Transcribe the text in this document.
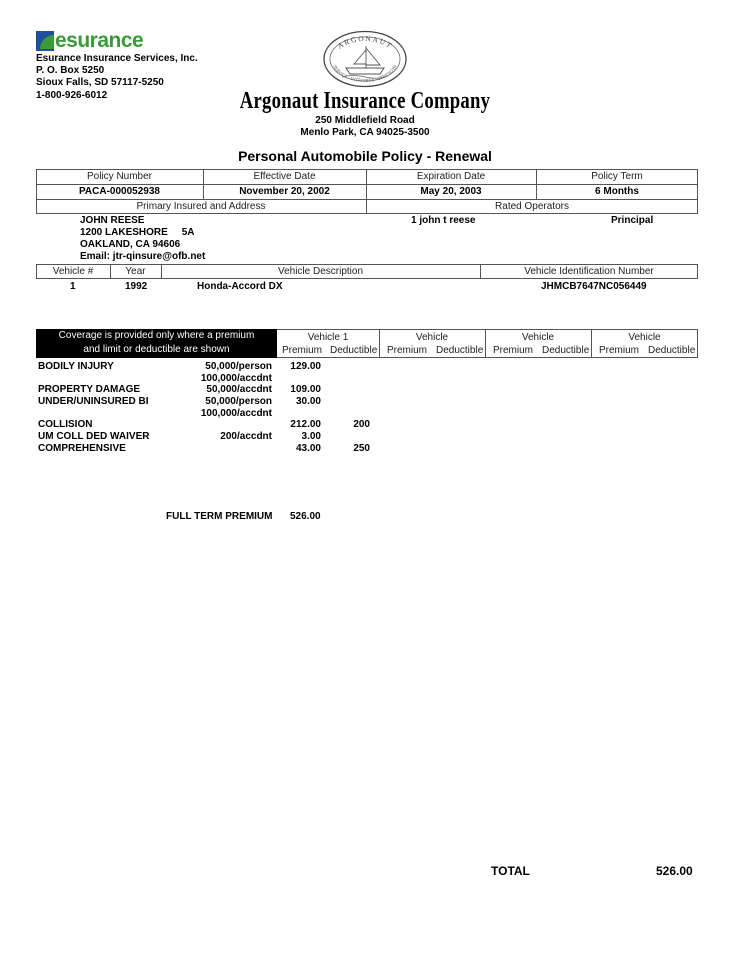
esurance
Esurance Insurance Services, Inc.
P. O. Box 5250
Sioux Falls, SD 57117-5250
1-800-926-6012
ARGONAUT
SERVICE · INTEGRITY · STRENGTH
Argonaut Insurance Company
250 Middlefield Road
Menlo Park, CA 94025-3500
Personal Automobile Policy - Renewal
Policy Number	Effective Date	Expiration Date	Policy Term
PACA-000052938	November 20, 2002	May 20, 2003	6 Months
Primary Insured and Address	Rated Operators
JOHN REESE
1200 LAKESHORE     5A
OAKLAND, CA 94606
Email: jtr-qinsure@ofb.net
1 john t reese	Principal
Vehicle #	Year	Vehicle Description	Vehicle Identification Number
1	1992	Honda-Accord DX	JHMCB7647NC056449
Coverage is provided only where a premium
and limit or deductible are shown
Vehicle 1	Vehicle	Vehicle	Vehicle
Premium Deductible Premium Deductible Premium Deductible Premium Deductible
BODILY INJURY	50,000/person 129.00
100,000/accdnt
PROPERTY DAMAGE	50,000/accdnt 109.00
UNDER/UNINSURED BI	50,000/person 30.00
100,000/accdnt
COLLISION	212.00	200
UM COLL DED WAIVER	200/accdnt	3.00
COMPREHENSIVE	43.00	250
FULL TERM PREMIUM 526.00
TOTAL	526.00
